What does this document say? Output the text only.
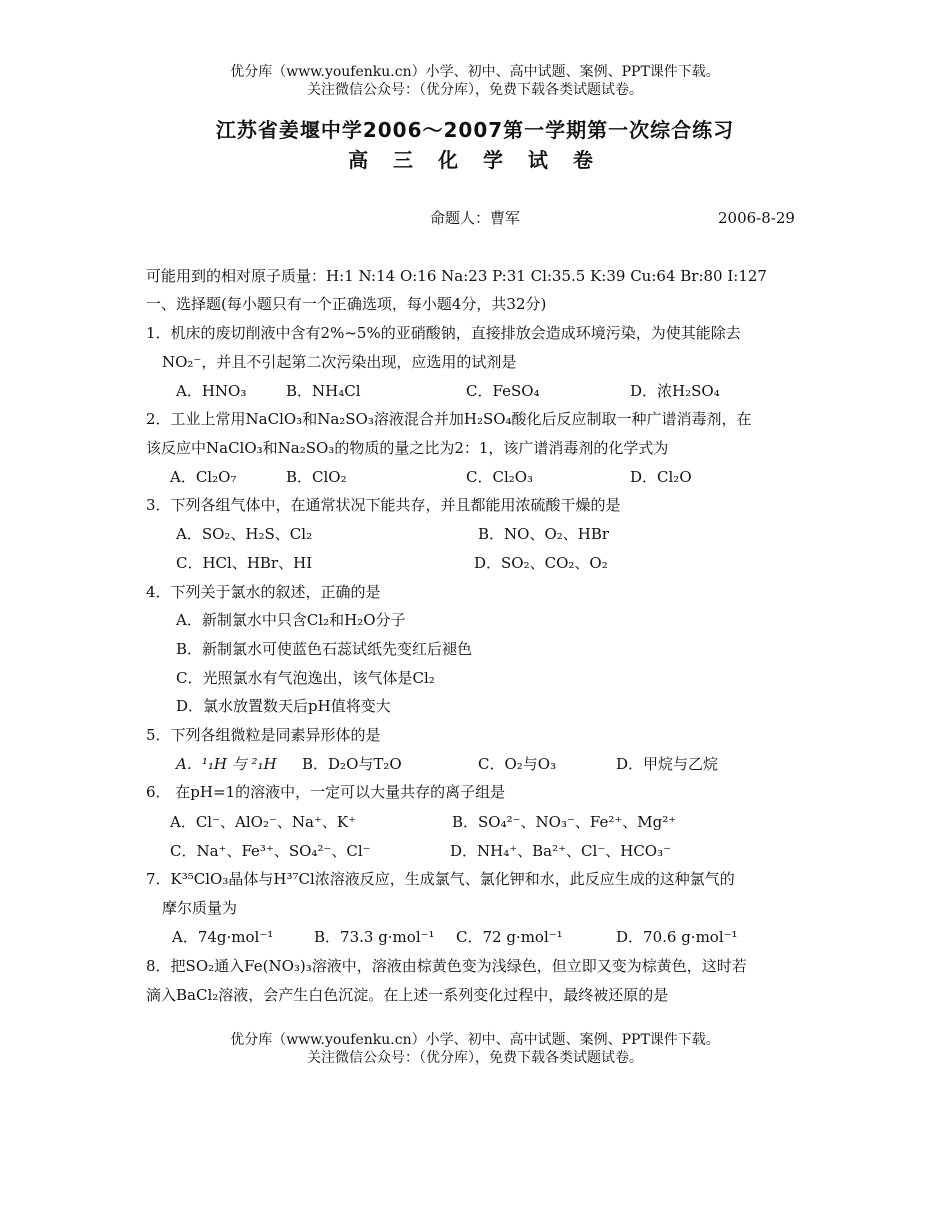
优分库（www.youfenku.cn）小学、初中、高中试题、案例、PPT课件下载。
关注微信公众号：（优分库），免费下载各类试题试卷。
江苏省姜堰中学2006～2007第一学期第一次综合练习
高 三 化 学 试 卷
命题人：曹军	2006-8-29
可能用到的相对原子质量：H:1 N:14 O:16 Na:23 P:31 Cl:35.5 K:39 Cu:64 Br:80 I:127
一、选择题(每小题只有一个正确选项，每小题4分，共32分)
1．机床的废切削液中含有2%~5%的亚硝酸钠，直接排放会造成环境污染，为使其能除去
NO₂⁻，并且不引起第二次污染出现，应选用的试剂是
A．HNO₃	B．NH₄Cl	C．FeSO₄	D．浓H₂SO₄
2．工业上常用NaClO₃和Na₂SO₃溶液混合并加H₂SO₄酸化后反应制取一种广谱消毒剂，在
该反应中NaClO₃和Na₂SO₃的物质的量之比为2：1，该广谱消毒剂的化学式为
A．Cl₂O₇	B．ClO₂	C．Cl₂O₃	D．Cl₂O
3．下列各组气体中，在通常状况下能共存，并且都能用浓硫酸干燥的是
A．SO₂、H₂S、Cl₂	B．NO、O₂、HBr
C．HCl、HBr、HI	D．SO₂、CO₂、O₂
4．下列关于氯水的叙述，正确的是
A．新制氯水中只含Cl₂和H₂O分子
B．新制氯水可使蓝色石蕊试纸先变红后褪色
C．光照氯水有气泡逸出，该气体是Cl₂
D．氯水放置数天后pH值将变大
5．下列各组微粒是同素异形体的是
A．¹₁H 与 ²₁H B．D₂O与T₂O	C．O₂与O₃	D．甲烷与乙烷
6． 在pH=1的溶液中，一定可以大量共存的离子组是
A．Cl⁻、AlO₂⁻、Na⁺、K⁺	B．SO₄²⁻、NO₃⁻、Fe²⁺、Mg²⁺
C．Na⁺、Fe³⁺、SO₄²⁻、Cl⁻	D．NH₄⁺、Ba²⁺、Cl⁻、HCO₃⁻
7．K³⁵ClO₃晶体与H³⁷Cl浓溶液反应，生成氯气、氯化钾和水，此反应生成的这种氯气的
摩尔质量为
A．74g·mol⁻¹	B．73.3 g·mol⁻¹ C．72 g·mol⁻¹	D．70.6 g·mol⁻¹
8．把SO₂通入Fe(NO₃)₃溶液中，溶液由棕黄色变为浅绿色，但立即又变为棕黄色，这时若
滴入BaCl₂溶液，会产生白色沉淀。在上述一系列变化过程中，最终被还原的是
优分库（www.youfenku.cn）小学、初中、高中试题、案例、PPT课件下载。
关注微信公众号：（优分库），免费下载各类试题试卷。
